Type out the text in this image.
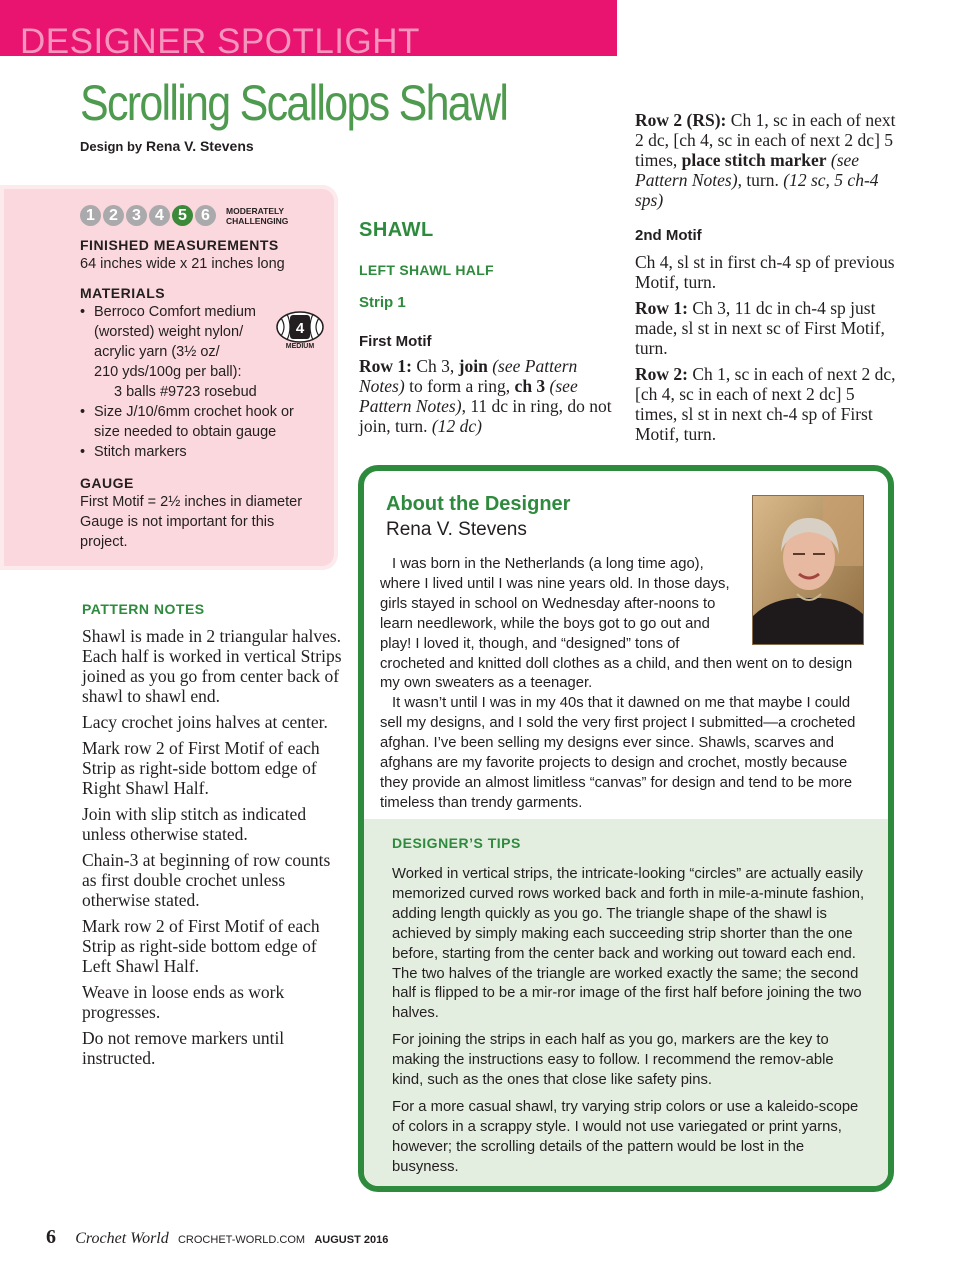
DESIGNER SPOTLIGHT
Scrolling Scallops Shawl
Design by Rena V. Stevens
1 2 3 4 5 6	MODERATELY
CHALLENGING
FINISHED MEASUREMENTS
64 inches wide x 21 inches long
MATERIALS
• Berroco Comfort medium
(worsted) weight nylon/
acrylic yarn (3½ oz/
210 yds/100g per ball):
3 balls #9723 rosebud
• Size J/10/6mm crochet hook or size needed to obtain gauge
• Stitch markers
GAUGE
First Motif = 2½ inches in diameter
Gauge is not important for this project.
4
MEDIUM
PATTERN NOTES

Shawl is made in 2 triangular halves. Each half is worked in vertical Strips joined as you go from center back of shawl to shawl end.

Lacy crochet joins halves at center.

Mark row 2 of First Motif of each Strip as right-side bottom edge of Right Shawl Half.

Join with slip stitch as indicated unless otherwise stated.

Chain-3 at beginning of row counts as first double crochet unless otherwise stated.

Mark row 2 of First Motif of each Strip as right-side bottom edge of Left Shawl Half.

Weave in loose ends as work progresses.

Do not remove markers until instructed.

SHAWL
LEFT SHAWL HALF
Strip 1
First Motif
Row 1: Ch 3, join (see Pattern Notes) to form a ring, ch 3 (see Pattern Notes), 11 dc in ring, do not join, turn. (12 dc)

Row 2 (RS): Ch 1, sc in each of next 2 dc, [ch 4, sc in each of next 2 dc] 5 times, place stitch marker (see Pattern Notes), turn. (12 sc, 5 ch-4 sps)

2nd Motif

Ch 4, sl st in first ch-4 sp of previous Motif, turn.

Row 1: Ch 3, 11 dc in ch-4 sp just made, sl st in next sc of First Motif, turn.

Row 2: Ch 1, sc in each of next 2 dc, [ch 4, sc in each of next 2 dc] 5 times, sl st in next ch-4 sp of First Motif, turn.

About the Designer
Rena V. Stevens

I was born in the Netherlands (a long time ago), where I lived until I was nine years old. In those days, girls stayed in school on Wednesday after-noons to learn needlework, while the boys got to go out and play! I loved it, though, and “designed” tons of crocheted and knitted doll clothes as a child, and then went on to design my own sweaters as a teenager.

It wasn’t until I was in my 40s that it dawned on me that maybe I could sell my designs, and I sold the very first project I submitted—a crocheted afghan. I’ve been selling my designs ever since. Shawls, scarves and afghans are my favorite projects to design and crochet, mostly because they provide an almost limitless “canvas” for design and tend to be more timeless than trendy garments.

DESIGNER’S TIPS

Worked in vertical strips, the intricate-looking “circles” are actually easily memorized curved rows worked back and forth in mile-a-minute fashion, adding length quickly as you go. The triangle shape of the shawl is achieved by simply making each succeeding strip shorter than the one before, starting from the center back and working out toward each end. The two halves of the triangle are worked exactly the same; the second half is flipped to be a mir-ror image of the first half before joining the two halves.

For joining the strips in each half as you go, markers are the key to making the instructions easy to follow. I recommend the remov-able kind, such as the ones that close like safety pins.

For a more casual shawl, try varying strip colors or use a kaleido-scope of colors in a scrappy style. I would not use variegated or print yarns, however; the scrolling details of the pattern would be lost in the busyness.

6 Crochet World CROCHET-WORLD.COM AUGUST 2016
